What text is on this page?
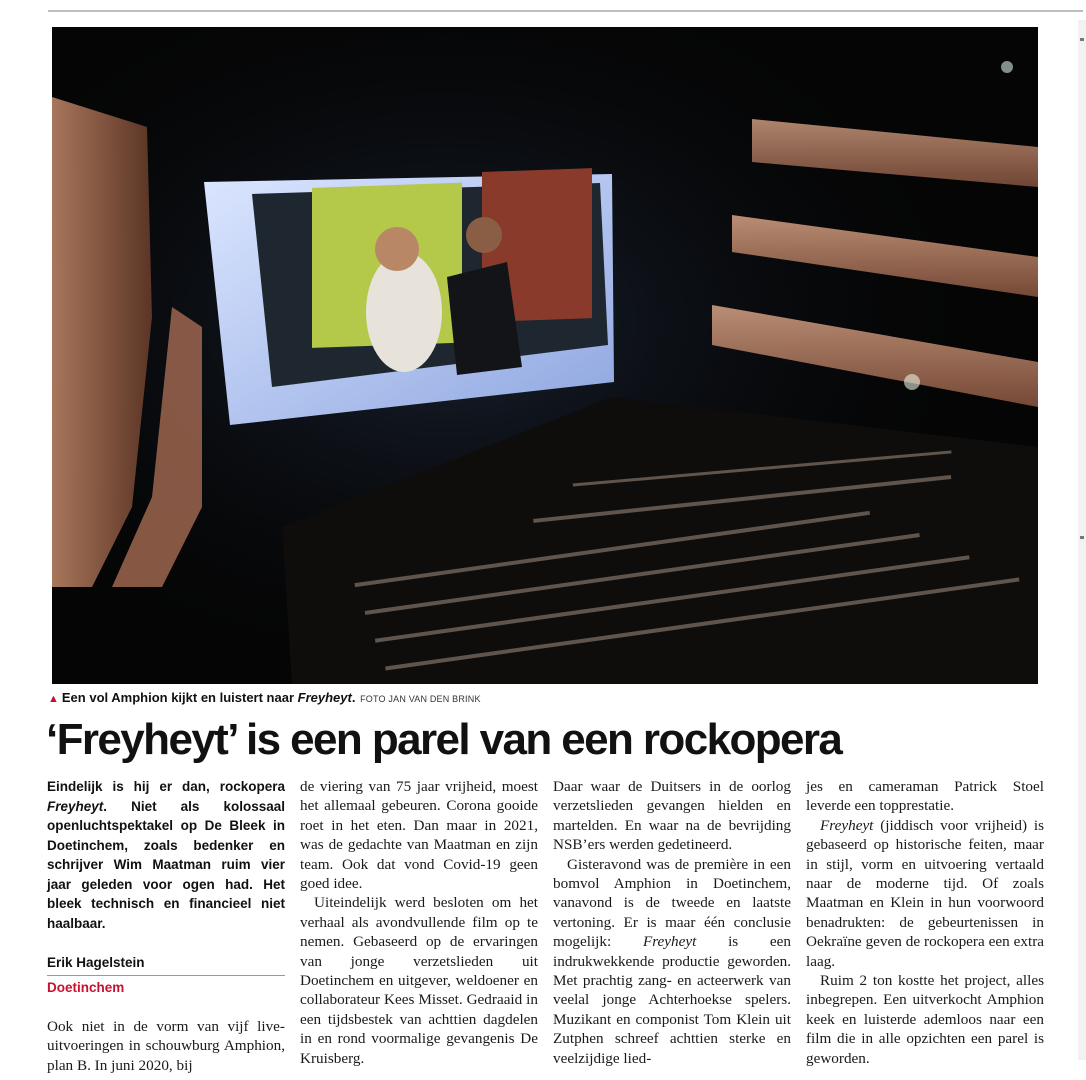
▲ Een vol Amphion kijkt en luistert naar Freyheyt. FOTO JAN VAN DEN BRINK
‘Freyheyt’ is een parel van een rockopera

Eindelijk is hij er dan, rockopera Freyheyt. Niet als kolossaal openluchtspektakel op De Bleek in Doetinchem, zoals bedenker en schrijver Wim Maatman ruim vier jaar geleden voor ogen had. Het bleek technisch en financieel niet haalbaar.

Erik Hagelstein
Doetinchem

Ook niet in de vorm van vijf live-uitvoeringen in schouwburg Amphion, plan B. In juni 2020, bij

de viering van 75 jaar vrijheid, moest het allemaal gebeuren. Corona gooide roet in het eten. Dan maar in 2021, was de gedachte van Maatman en zijn team. Ook dat vond Covid-19 geen goed idee.

Uiteindelijk werd besloten om het verhaal als avondvullende film op te nemen. Gebaseerd op de ervaringen van jonge verzetslieden uit Doetinchem en uitgever, weldoener en collaborateur Kees Misset. Gedraaid in een tijdsbestek van achttien dagdelen in en rond voormalige gevangenis De Kruisberg.

Daar waar de Duitsers in de oorlog verzetslieden gevangen hielden en martelden. En waar na de bevrijding NSB’ers werden gedetineerd.

Gisteravond was de première in een bomvol Amphion in Doetinchem, vanavond is de tweede en laatste vertoning. Er is maar één conclusie mogelijk: Freyheyt is een indrukwekkende productie geworden. Met prachtig zang- en acteerwerk van veelal jonge Achterhoekse spelers. Muzikant en componist Tom Klein uit Zutphen schreef achttien sterke en veelzijdige lied-

jes en cameraman Patrick Stoel leverde een topprestatie.

Freyheyt (jiddisch voor vrijheid) is gebaseerd op historische feiten, maar in stijl, vorm en uitvoering vertaald naar de moderne tijd. Of zoals Maatman en Klein in hun voorwoord benadrukten: de gebeurtenissen in Oekraïne geven de rockopera een extra laag.

Ruim 2 ton kostte het project, alles inbegrepen. Een uitverkocht Amphion keek en luisterde ademloos naar een film die in alle opzichten een parel is geworden.
